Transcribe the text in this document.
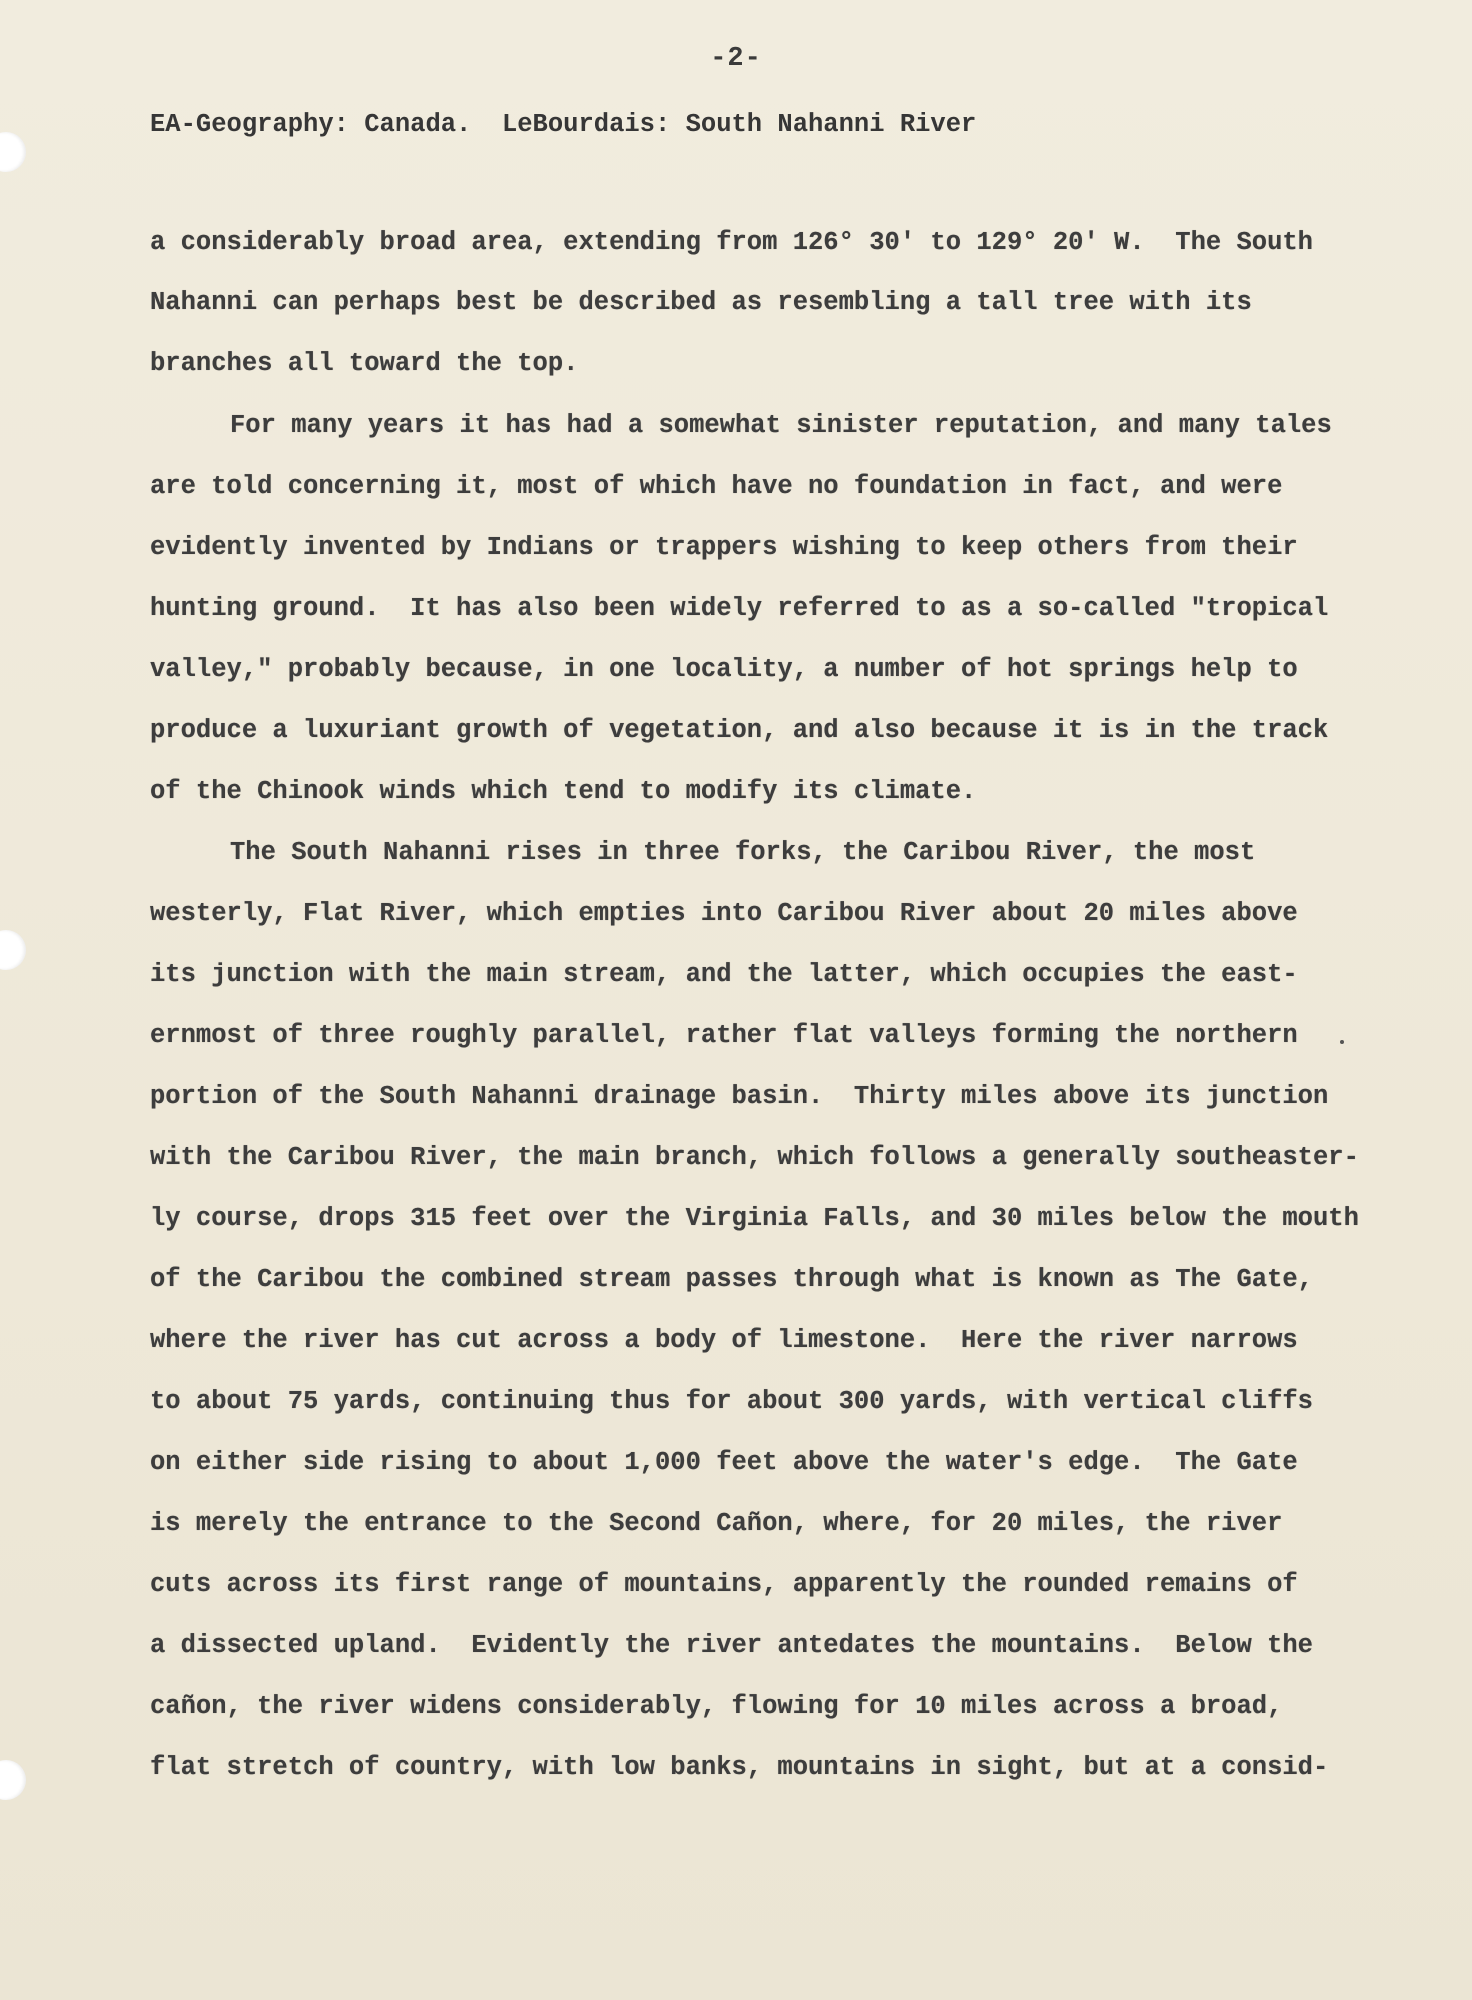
-2-
EA-Geography: Canada.  LeBourdais: South Nahanni River
a considerably broad area, extending from 126° 30' to 129° 20' W.  The South
Nahanni can perhaps best be described as resembling a tall tree with its
branches all toward the top.
For many years it has had a somewhat sinister reputation, and many tales
are told concerning it, most of which have no foundation in fact, and were
evidently invented by Indians or trappers wishing to keep others from their
hunting ground.  It has also been widely referred to as a so-called "tropical
valley," probably because, in one locality, a number of hot springs help to
produce a luxuriant growth of vegetation, and also because it is in the track
of the Chinook winds which tend to modify its climate.
The South Nahanni rises in three forks, the Caribou River, the most
westerly, Flat River, which empties into Caribou River about 20 miles above
its junction with the main stream, and the latter, which occupies the east-
ernmost of three roughly parallel, rather flat valleys forming the northern
portion of the South Nahanni drainage basin.  Thirty miles above its junction
with the Caribou River, the main branch, which follows a generally southeaster-
ly course, drops 315 feet over the Virginia Falls, and 30 miles below the mouth
of the Caribou the combined stream passes through what is known as The Gate,
where the river has cut across a body of limestone.  Here the river narrows
to about 75 yards, continuing thus for about 300 yards, with vertical cliffs
on either side rising to about 1,000 feet above the water's edge.  The Gate
is merely the entrance to the Second Cañon, where, for 20 miles, the river
cuts across its first range of mountains, apparently the rounded remains of
a dissected upland.  Evidently the river antedates the mountains.  Below the
cañon, the river widens considerably, flowing for 10 miles across a broad,
flat stretch of country, with low banks, mountains in sight, but at a consid-
